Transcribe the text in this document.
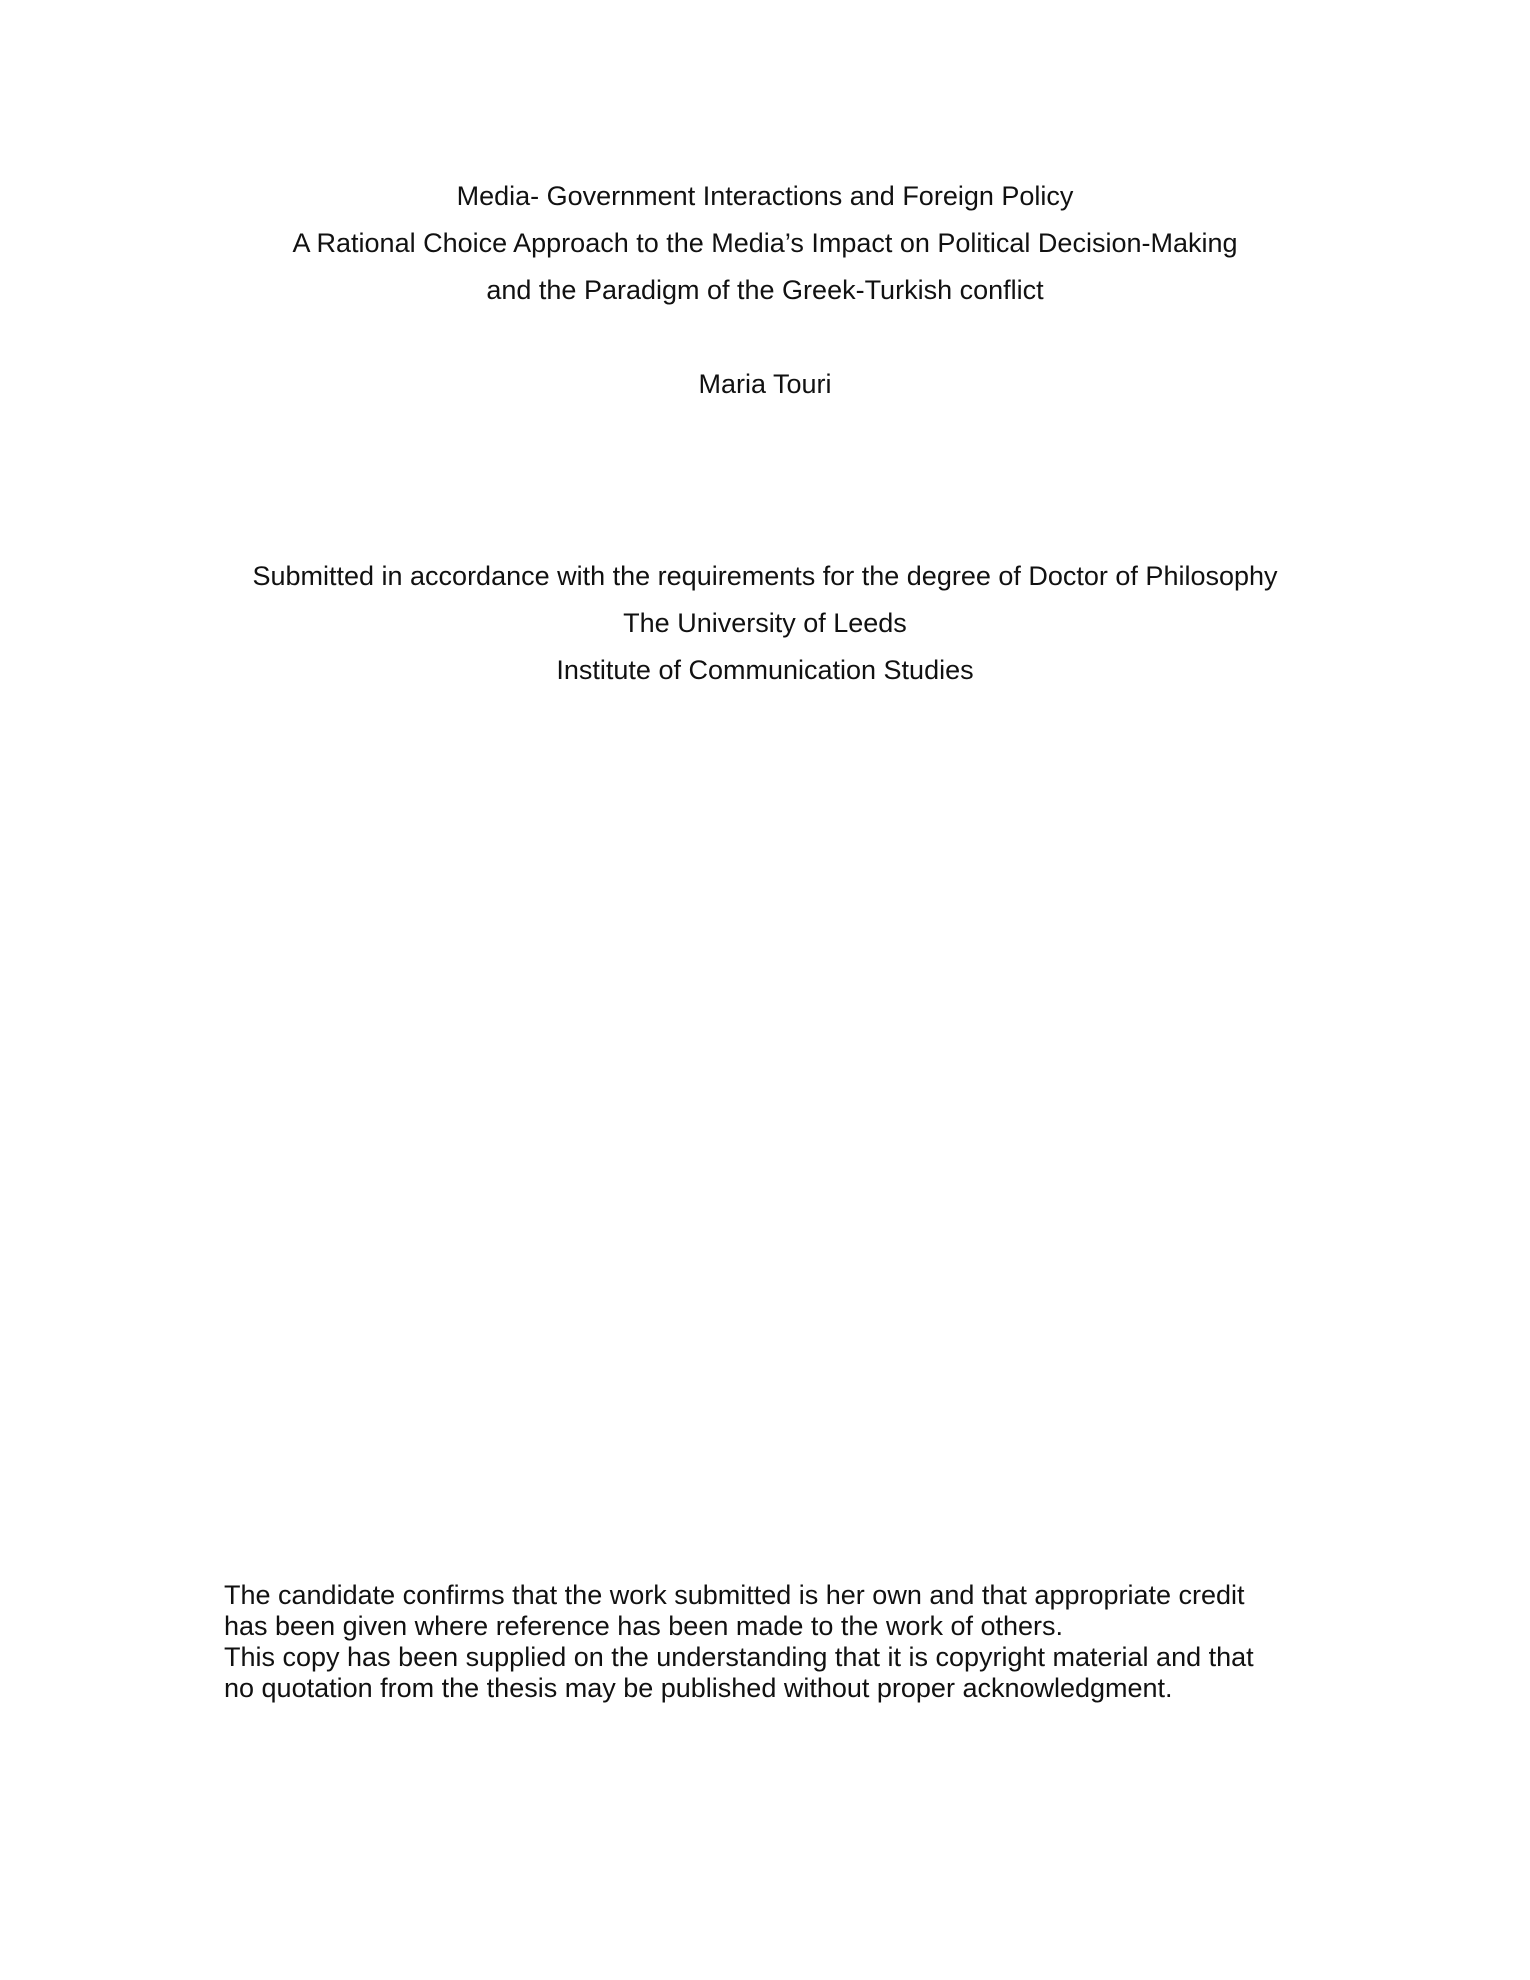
Media- Government Interactions and Foreign Policy
A Rational Choice Approach to the Media’s Impact on Political Decision-Making
and the Paradigm of the Greek-Turkish conflict
Maria Touri
Submitted in accordance with the requirements for the degree of Doctor of Philosophy
The University of Leeds
Institute of Communication Studies
The candidate confirms that the work submitted is her own and that appropriate credit
has been given where reference has been made to the work of others.
This copy has been supplied on the understanding that it is copyright material and that
no quotation from the thesis may be published without proper acknowledgment.
